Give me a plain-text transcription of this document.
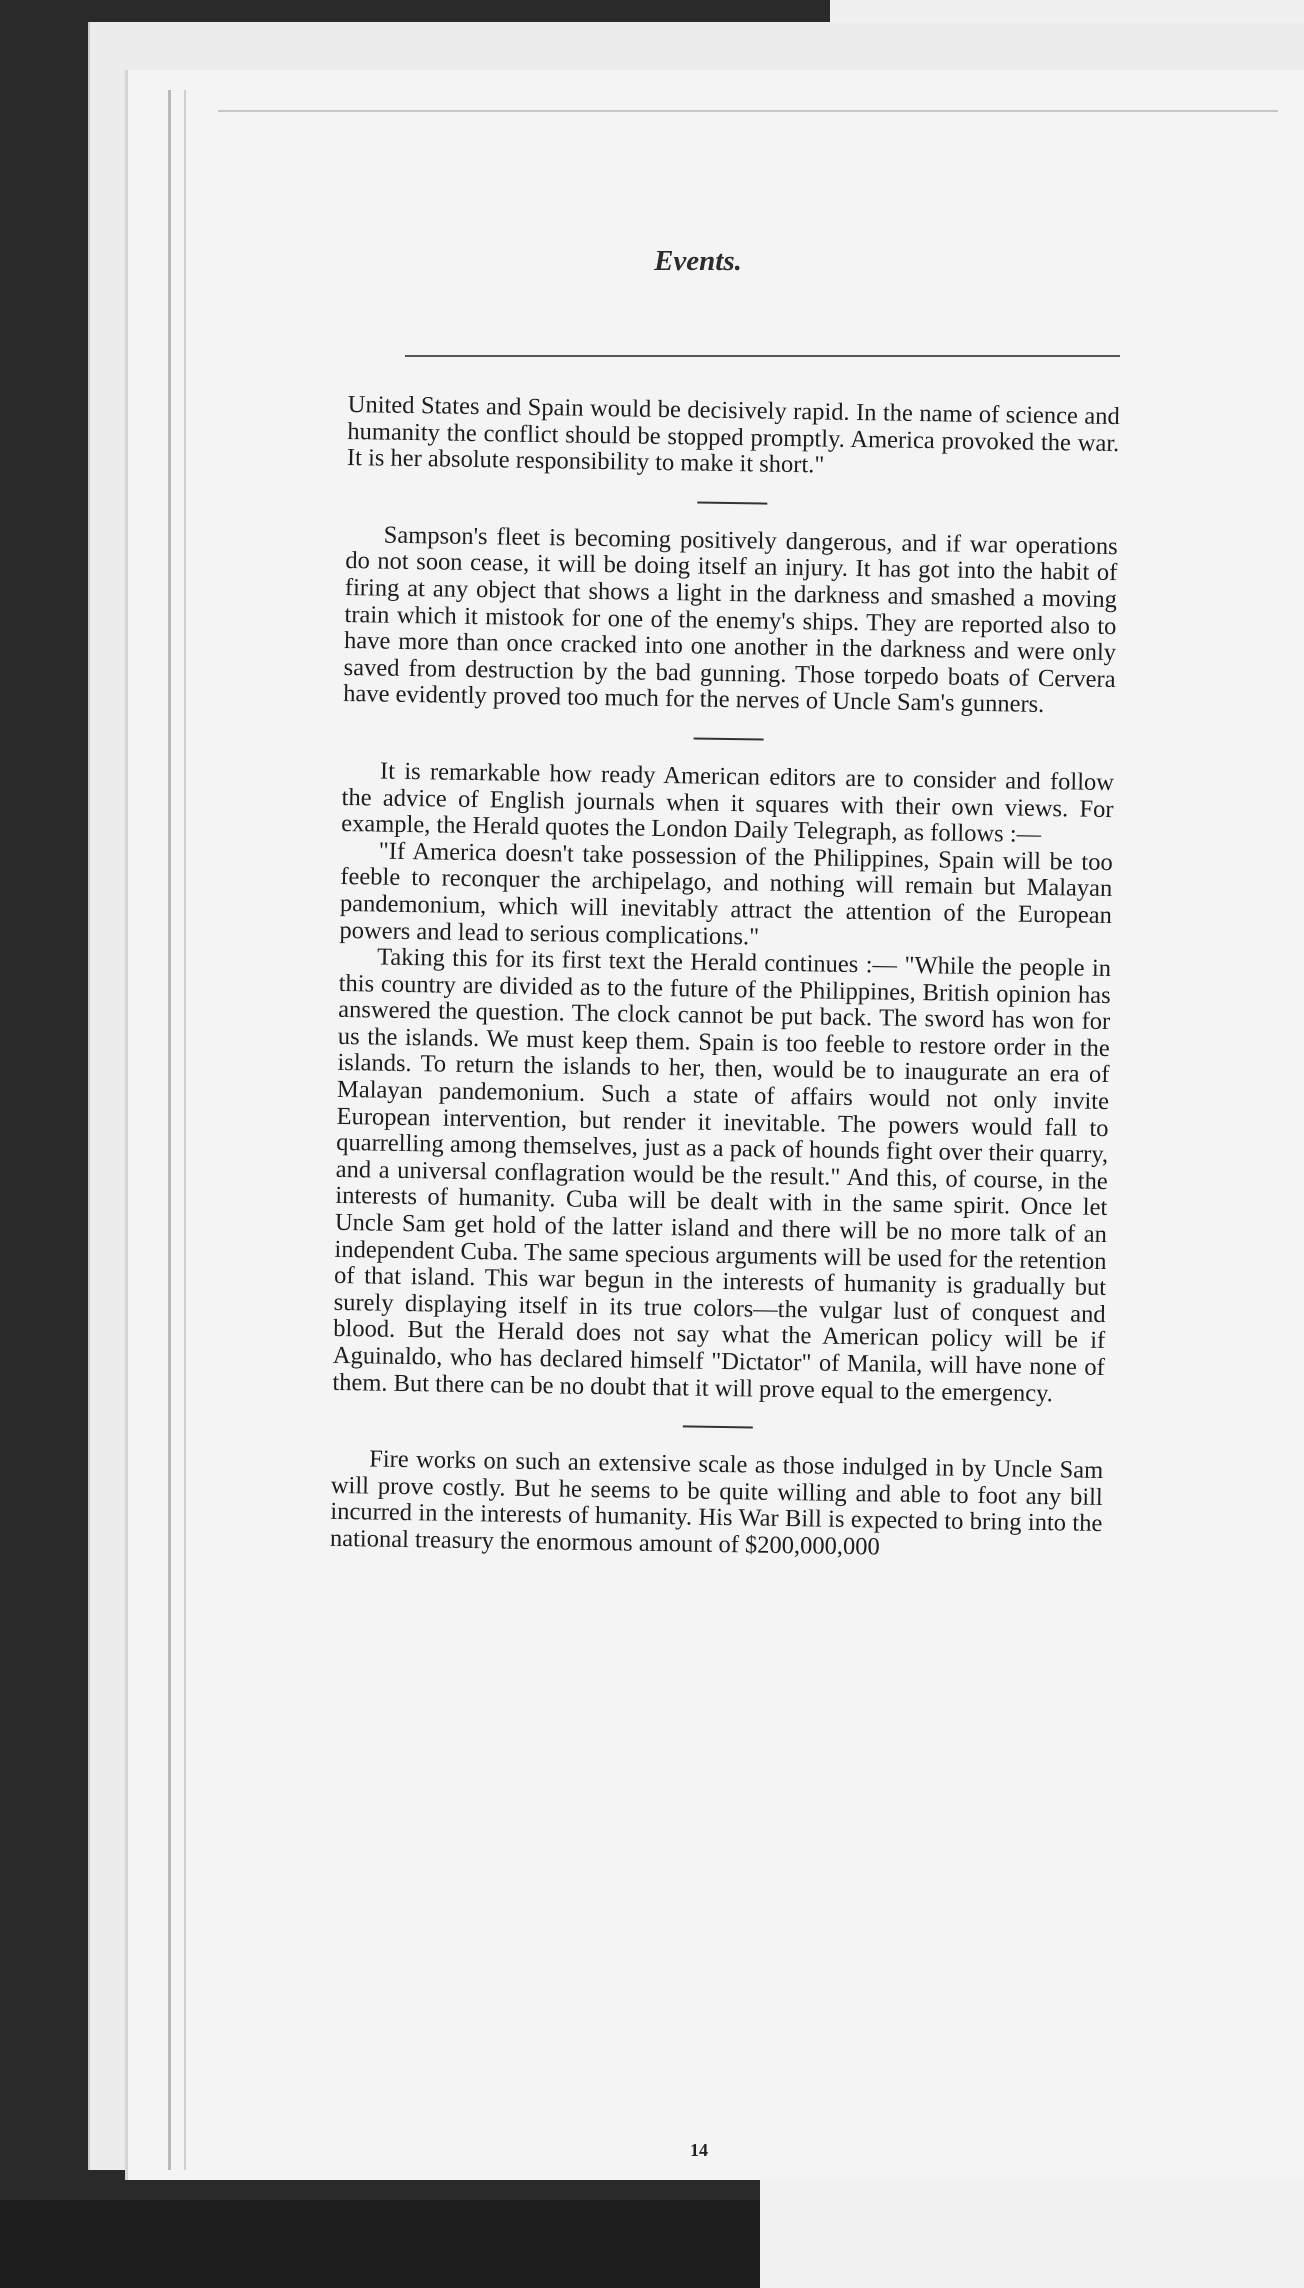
Events.

United States and Spain would be decisively rapid. In the name of science and humanity the conflict should be stopped promptly. America provoked the war. It is her absolute responsibility to make it short."

Sampson's fleet is becoming positively dangerous, and if war operations do not soon cease, it will be doing itself an injury. It has got into the habit of firing at any object that shows a light in the darkness and smashed a moving train which it mistook for one of the enemy's ships. They are reported also to have more than once cracked into one another in the darkness and were only saved from destruction by the bad gunning. Those torpedo boats of Cervera have evidently proved too much for the nerves of Uncle Sam's gunners.

It is remarkable how ready American editors are to consider and follow the advice of English journals when it squares with their own views. For example, the Herald quotes the London Daily Telegraph, as follows :—

"If America doesn't take possession of the Philippines, Spain will be too feeble to reconquer the archipelago, and nothing will remain but Malayan pandemonium, which will inevitably attract the attention of the European powers and lead to serious complications."

Taking this for its first text the Herald continues :— "While the people in this country are divided as to the future of the Philippines, British opinion has answered the question. The clock cannot be put back. The sword has won for us the islands. We must keep them. Spain is too feeble to restore order in the islands. To return the islands to her, then, would be to inaugurate an era of Malayan pandemonium. Such a state of affairs would not only invite European intervention, but render it inevitable. The powers would fall to quarrelling among themselves, just as a pack of hounds fight over their quarry, and a universal conflagration would be the result." And this, of course, in the interests of humanity. Cuba will be dealt with in the same spirit. Once let Uncle Sam get hold of the latter island and there will be no more talk of an independent Cuba. The same specious arguments will be used for the retention of that island. This war begun in the interests of humanity is gradually but surely displaying itself in its true colors—the vulgar lust of conquest and blood. But the Herald does not say what the American policy will be if Aguinaldo, who has declared himself "Dictator" of Manila, will have none of them. But there can be no doubt that it will prove equal to the emergency.

Fire works on such an extensive scale as those indulged in by Uncle Sam will prove costly. But he seems to be quite willing and able to foot any bill incurred in the interests of humanity. His War Bill is expected to bring into the national treasury the enormous amount of $200,000,000

14
